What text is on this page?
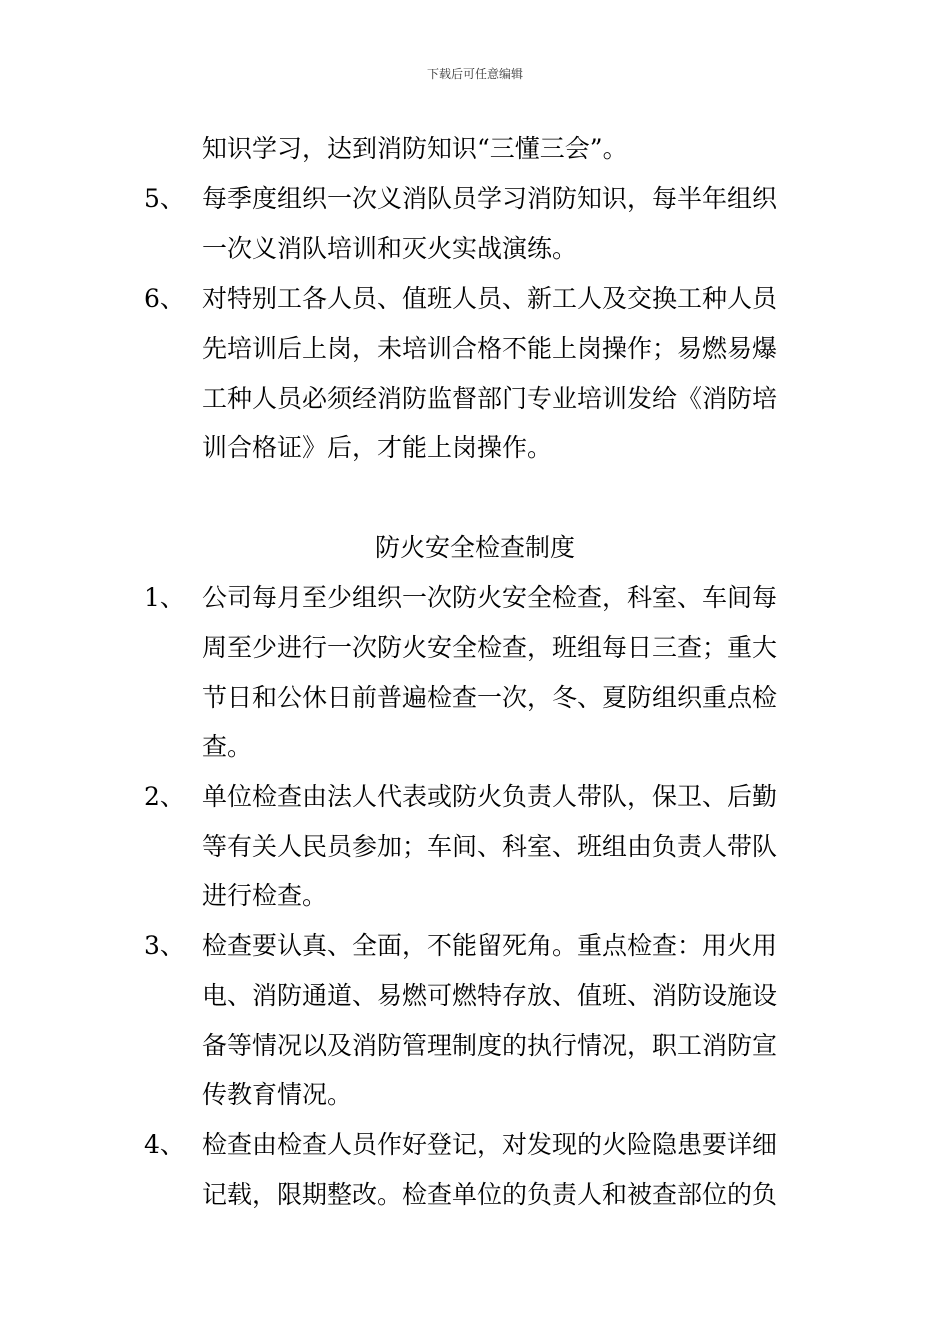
下载后可任意编辑
知识学习，达到消防知识“三懂三会”。
5、 每季度组织一次义消队员学习消防知识，每半年组织
一次义消队培训和灭火实战演练。
6、 对特别工各人员、值班人员、新工人及交换工种人员
先培训后上岗，未培训合格不能上岗操作；易燃易爆
工种人员必须经消防监督部门专业培训发给《消防培
训合格证》后，才能上岗操作。
防火安全检查制度
1、 公司每月至少组织一次防火安全检查，科室、车间每
周至少进行一次防火安全检查，班组每日三查；重大
节日和公休日前普遍检查一次，冬、夏防组织重点检
查。
2、 单位检查由法人代表或防火负责人带队，保卫、后勤
等有关人民员参加；车间、科室、班组由负责人带队
进行检查。
3、 检查要认真、全面，不能留死角。重点检查：用火用
电、消防通道、易燃可燃特存放、值班、消防设施设
备等情况以及消防管理制度的执行情况，职工消防宣
传教育情况。
4、 检查由检查人员作好登记，对发现的火险隐患要详细
记载，限期整改。检查单位的负责人和被查部位的负
